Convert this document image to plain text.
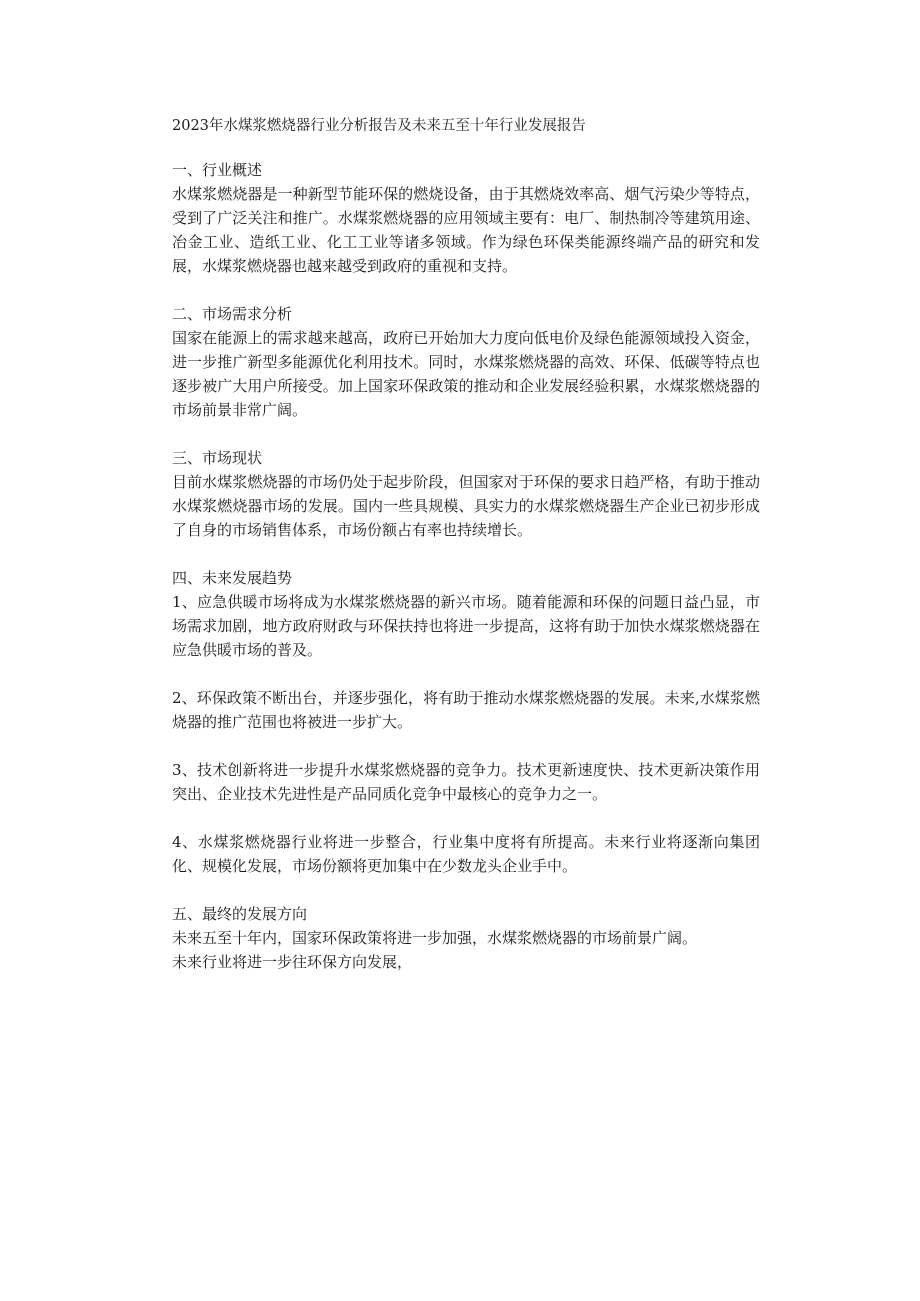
2023年水煤浆燃烧器行业分析报告及未来五至十年行业发展报告

一、行业概述

水煤浆燃烧器是一种新型节能环保的燃烧设备，由于其燃烧效率高、烟气污染少等特点，受到了广泛关注和推广。水煤浆燃烧器的应用领域主要有：电厂、制热制冷等建筑用途、冶金工业、造纸工业、化工工业等诸多领域。作为绿色环保类能源终端产品的研究和发展，水煤浆燃烧器也越来越受到政府的重视和支持。

二、市场需求分析

国家在能源上的需求越来越高，政府已开始加大力度向低电价及绿色能源领域投入资金，进一步推广新型多能源优化利用技术。同时，水煤浆燃烧器的高效、环保、低碳等特点也逐步被广大用户所接受。加上国家环保政策的推动和企业发展经验积累，水煤浆燃烧器的市场前景非常广阔。

三、市场现状

目前水煤浆燃烧器的市场仍处于起步阶段，但国家对于环保的要求日趋严格，有助于推动水煤浆燃烧器市场的发展。国内一些具规模、具实力的水煤浆燃烧器生产企业已初步形成了自身的市场销售体系，市场份额占有率也持续增长。

四、未来发展趋势

1、应急供暖市场将成为水煤浆燃烧器的新兴市场。随着能源和环保的问题日益凸显，市场需求加剧，地方政府财政与环保扶持也将进一步提高，这将有助于加快水煤浆燃烧器在应急供暖市场的普及。

2、环保政策不断出台，并逐步强化，将有助于推动水煤浆燃烧器的发展。未来,水煤浆燃烧器的推广范围也将被进一步扩大。

3、技术创新将进一步提升水煤浆燃烧器的竞争力。技术更新速度快、技术更新决策作用突出、企业技术先进性是产品同质化竞争中最核心的竞争力之一。

4、水煤浆燃烧器行业将进一步整合，行业集中度将有所提高。未来行业将逐渐向集团化、规模化发展，市场份额将更加集中在少数龙头企业手中。

五、最终的发展方向

未来五至十年内，国家环保政策将进一步加强，水煤浆燃烧器的市场前景广阔。

未来行业将进一步往环保方向发展，
